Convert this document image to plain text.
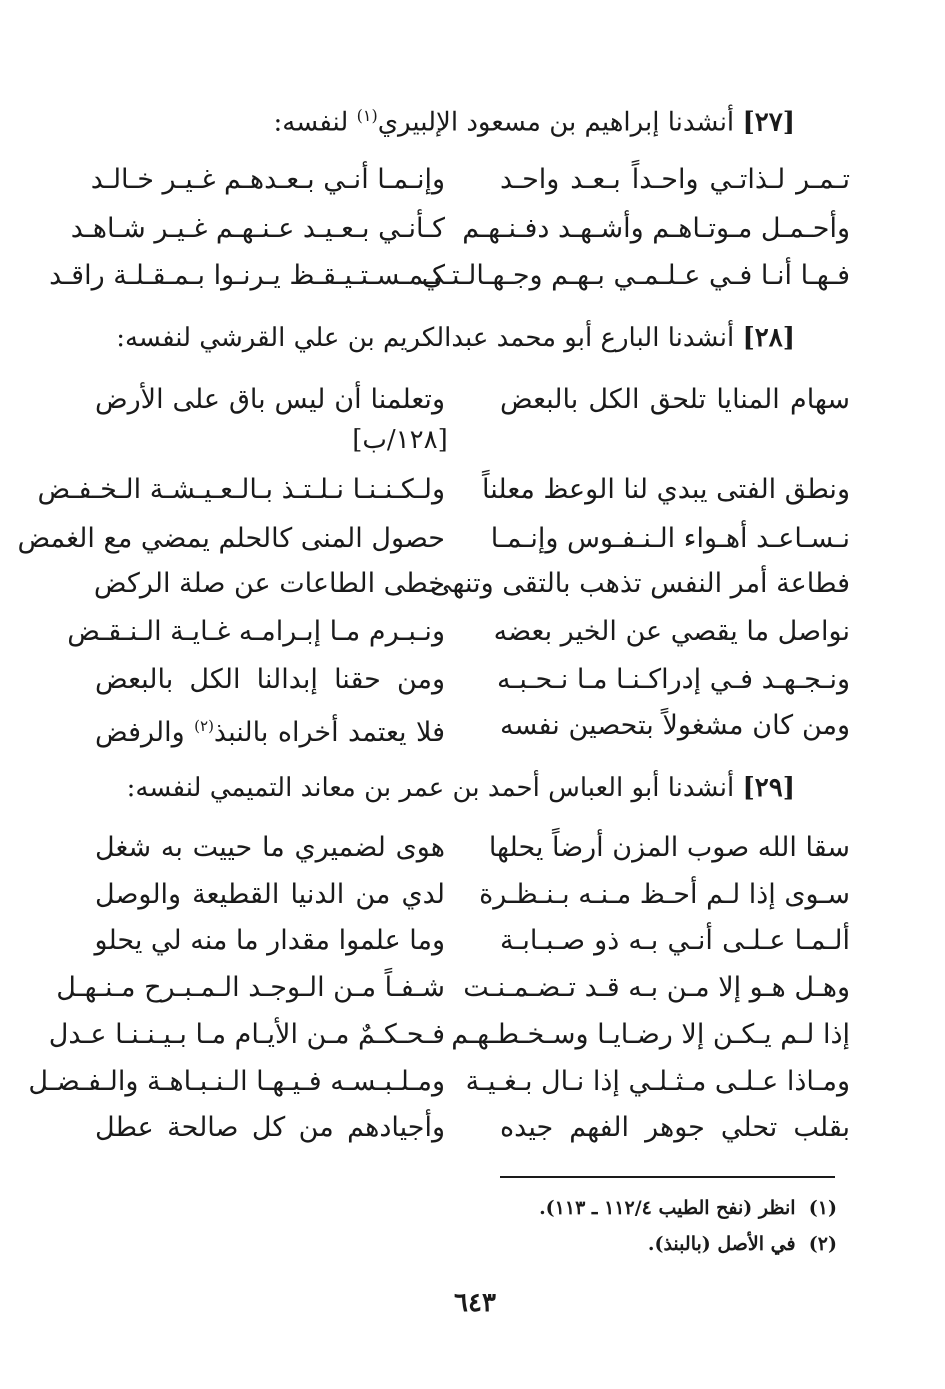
[٢٧] أنشدنا إبراهيم بن مسعود الإلبيري$^{(١)}$ لنفسه:
تـمـر لـذاتـي واحـداً بـعـد واحـد
وإنـمـا أنـي بـعـدهـم غـيـر خـالـد
وأحـمـل مـوتـاهـم وأشـهـد دفـنـهـم
كـأنـي بـعـيـد عـنـهـم غـيـر شـاهـد
فـهـا أنـا فـي عـلـمـي بـهـم وجـهـالـتـي
كـمـسـتـيـقـظ يـرنـوا بـمـقـلـة راقـد
[٢٨] أنشدنا البارع أبو محمد عبدالكريم بن علي القرشي لنفسه:
سهام المنايا تلحق الكل بالبعض
وتعلمنا أن ليس باق على الأرض
[١٢٨/ب]
ونطق الفتى يبدي لنا الوعظ معلناً
ولـكـنـنـا نـلـتـذ بـالـعـيـشـة الـخـفـض
نـسـاعـد أهـواء الـنـفـوس وإنـمـا
حصول المنى كالحلم يمضي مع الغمض
فطاعة أمر النفس تذهب بالتقى وتنهى
خطى الطاعات عن صلة الركض
نواصل ما يقصي عن الخير بعضه
ونـبـرم مـا إبـرامـه غـايـة الـنـقـض
ونـجـهـد فـي إدراكـنـا مـا نـحـبـه
ومن حقنا إبدالنا الكل بالبعض
ومن كان مشغولاً بتحصين نفسه
فلا يعتمد أخراه بالنبذ$^{(٢)}$ والرفض
[٢٩] أنشدنا أبو العباس أحمد بن عمر بن معاند التميمي لنفسه:
سقا الله صوب المزن أرضاً يحلها
هوى لضميري ما حييت به شغل
سـوى إذا لـم أحـظ مـنـه بـنـظـرة
لدي من الدنيا القطيعة والوصل
ألـمـا عـلـى أنـي بـه ذو صـبـابـة
وما علموا مقدار ما منه لي يحلو
وهـل هـو إلا مـن بـه قـد تـضـمـنـت
شـفـاً مـن الـوجـد الـمـبـرح مـنـهـل
إذا لـم يـكـن إلا رضـايـا وسـخـطـهـم
فـحـكـمٌ مـن الأيـام مـا بـيـنـنـا عـدل
ومـاذا عـلـى مـثـلـي إذا نـال بـغـيـة
ومـلـبـسـه فـيـهـا الـنـبـاهـة والـفـضـل
بقلب تحلي جوهر الفهم جيده
وأجيادهم من كل صالحة عطل
(١)  انظر (نفح الطيب ١١٢/٤ ـ ١١٣).
(٢)  في الأصل (بالبنذ).
٦٤٣
